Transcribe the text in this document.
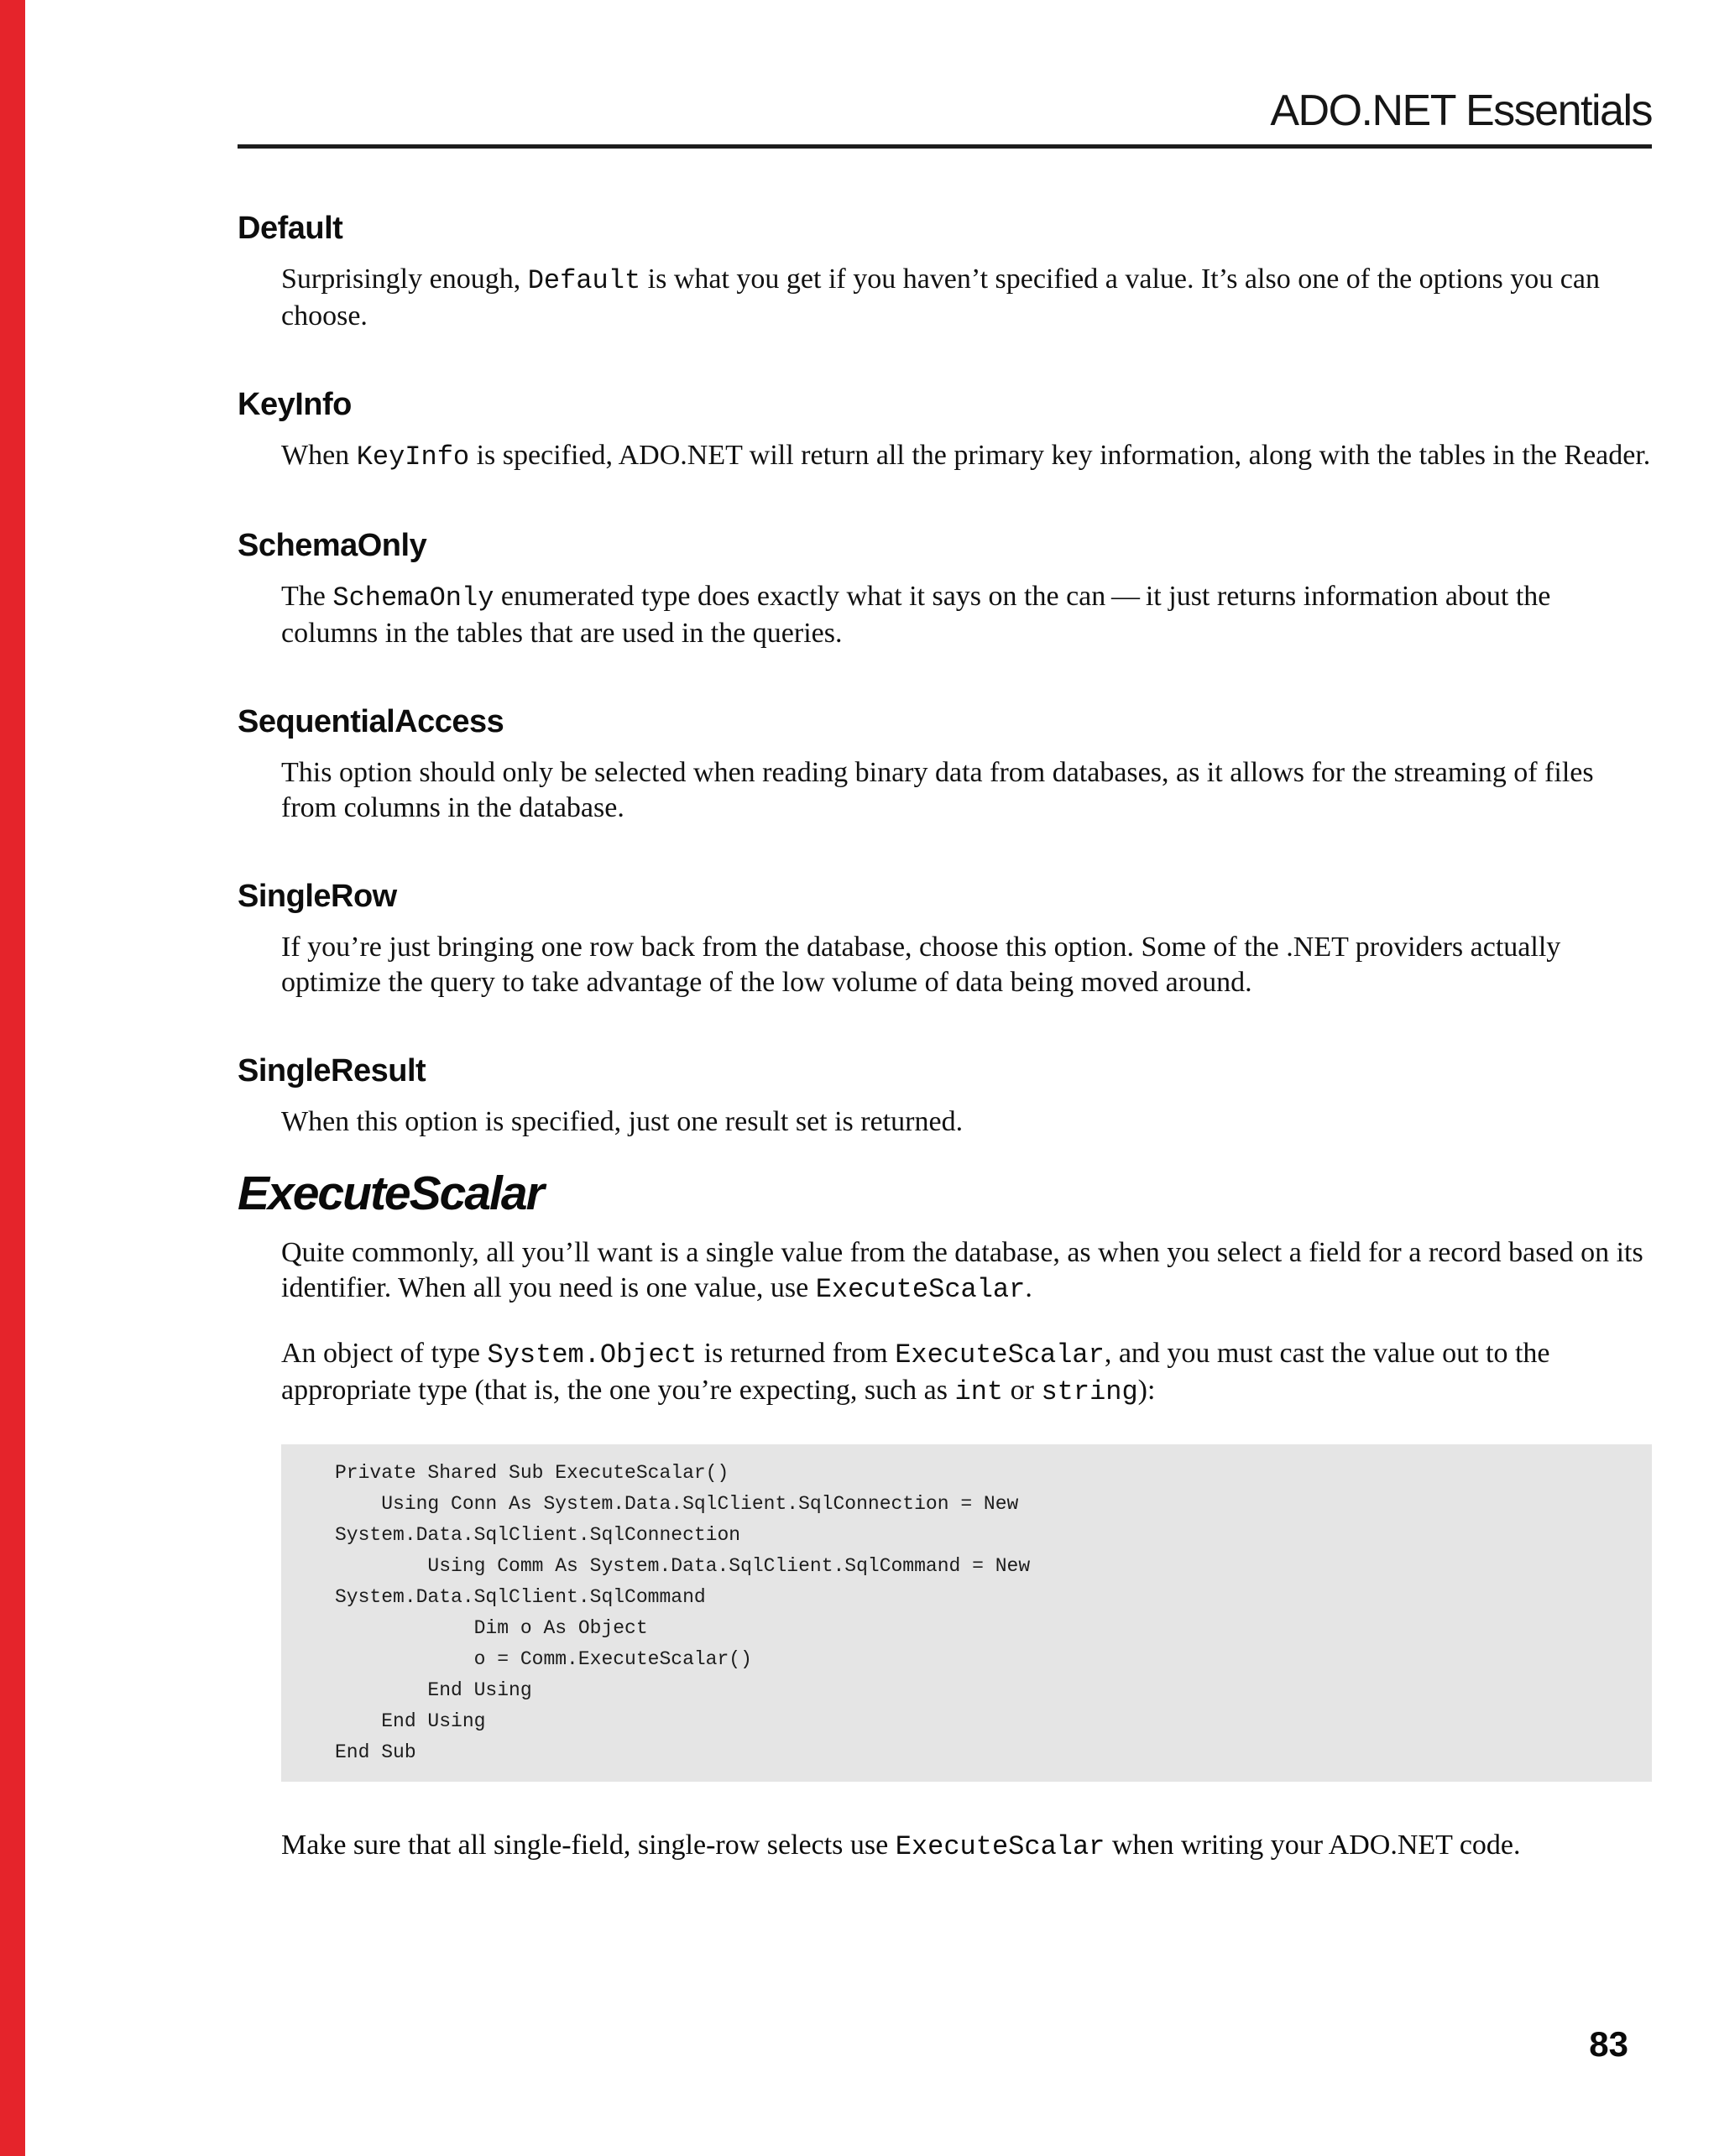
ADO.NET Essentials
Default

Surprisingly enough, Default is what you get if you haven’t specified a value. It’s also one of the options you can choose.

KeyInfo

When KeyInfo is specified, ADO.NET will return all the primary key information, along with the tables in the Reader.

SchemaOnly

The SchemaOnly enumerated type does exactly what it says on the can — it just returns information about the columns in the tables that are used in the queries.

SequentialAccess

This option should only be selected when reading binary data from databases, as it allows for the streaming of files from columns in the database.

SingleRow

If you’re just bringing one row back from the database, choose this option. Some of the .NET providers actually optimize the query to take advantage of the low volume of data being moved around.

SingleResult

When this option is specified, just one result set is returned.

ExecuteScalar

Quite commonly, all you’ll want is a single value from the database, as when you select a field for a record based on its identifier. When all you need is one value, use ExecuteScalar.

An object of type System.Object is returned from ExecuteScalar, and you must cast the value out to the appropriate type (that is, the one you’re expecting, such as int or string):

Private Shared Sub ExecuteScalar()
Using Conn As System.Data.SqlClient.SqlConnection = New
System.Data.SqlClient.SqlConnection
Using Comm As System.Data.SqlClient.SqlCommand = New
System.Data.SqlClient.SqlCommand
Dim o As Object
o = Comm.ExecuteScalar()
End Using
End Using
End Sub

Make sure that all single-field, single-row selects use ExecuteScalar when writing your ADO.NET code.

83
